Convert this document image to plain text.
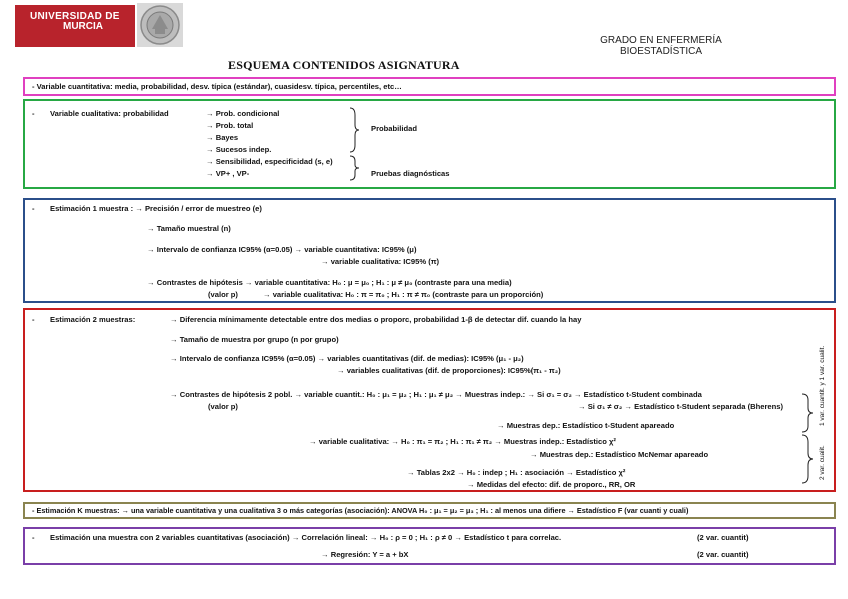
UNIVERSIDAD DE
MURCIA
GRADO EN ENFERMERÍA
BIOESTADÍSTICA
ESQUEMA CONTENIDOS ASIGNATURA
- Variable cuantitativa: media, probabilidad, desv. típica (estándar), cuasidesv. típica, percentiles, etc…
- Variable cualitativa: probabilidad	→ Prob. condicional
→ Prob. total
→ Bayes
→ Sucesos indep.
→ Sensibilidad, especificidad (s, e)
→ VP+ , VP-
Probabilidad
Pruebas diagnósticas
- Estimación 1 muestra : → Precisión / error de muestreo (e)
→ Tamaño muestral (n)
→ Intervalo de confianza IC95% (α=0.05) → variable cuantitativa: IC95% (μ)
→ variable cualitativa: IC95% (π)
→ Contrastes de hipótesis → variable cuantitativa: H₀ : μ = μ₀ ; H₁ : μ ≠ μ₀ (contraste para una media)
(valor p)	→ variable cualitativa: H₀ : π = π₀ ; H₁ : π ≠ π₀ (contraste para un proporción)
- Estimación 2 muestras:	→ Diferencia mínimamente detectable entre dos medias o proporc, probabilidad 1-β de detectar dif. cuando la hay
→ Tamaño de muestra por grupo (n por grupo)
→ Intervalo de confianza IC95% (α=0.05) → variables cuantitativas (dif. de medias): IC95% (μ₁ - μ₂)
→ variables cualitativas (dif. de proporciones): IC95%(π₁ - π₂)
→ Contrastes de hipótesis 2 pobl. → variable cuantit.: H₀ : μ₁ = μ₂ ; H₁ : μ₁ ≠ μ₂ → Muestras indep.: → Si σ₁ = σ₂ → Estadístico t-Student combinada
(valor p)	→ Si σ₁ ≠ σ₂ → Estadístico t-Student separada (Bherens)
→ Muestras dep.: Estadístico t-Student apareado
→ variable cualitativa: → H₀ : π₁ = π₂ ; H₁ : π₁ ≠ π₂ → Muestras indep.: Estadístico χ²
→ Muestras dep.: Estadístico McNemar apareado
→ Tablas 2x2 → H₀ : indep ; H₁ : asociación → Estadístico χ²
→ Medidas del efecto: dif. de proporc., RR, OR
1 var. cuantit. y 1 var. cualit.
2 var. cualit.
- Estimación K muestras: → una variable cuantitativa y una cualitativa 3 o más categorías (asociación): ANOVA H₀ : μ₁ = μ₂ = μ₃ ; H₁ : al menos una difiere → Estadístico F (var cuanti y cuali)
- Estimación una muestra con 2 variables cuantitativas (asociación) → Correlación lineal: → H₀ : ρ = 0 ; H₁ : ρ ≠ 0 → Estadístico t para correlac.	(2 var. cuantit)
→ Regresión: Y = a + bX	(2 var. cuantit)
